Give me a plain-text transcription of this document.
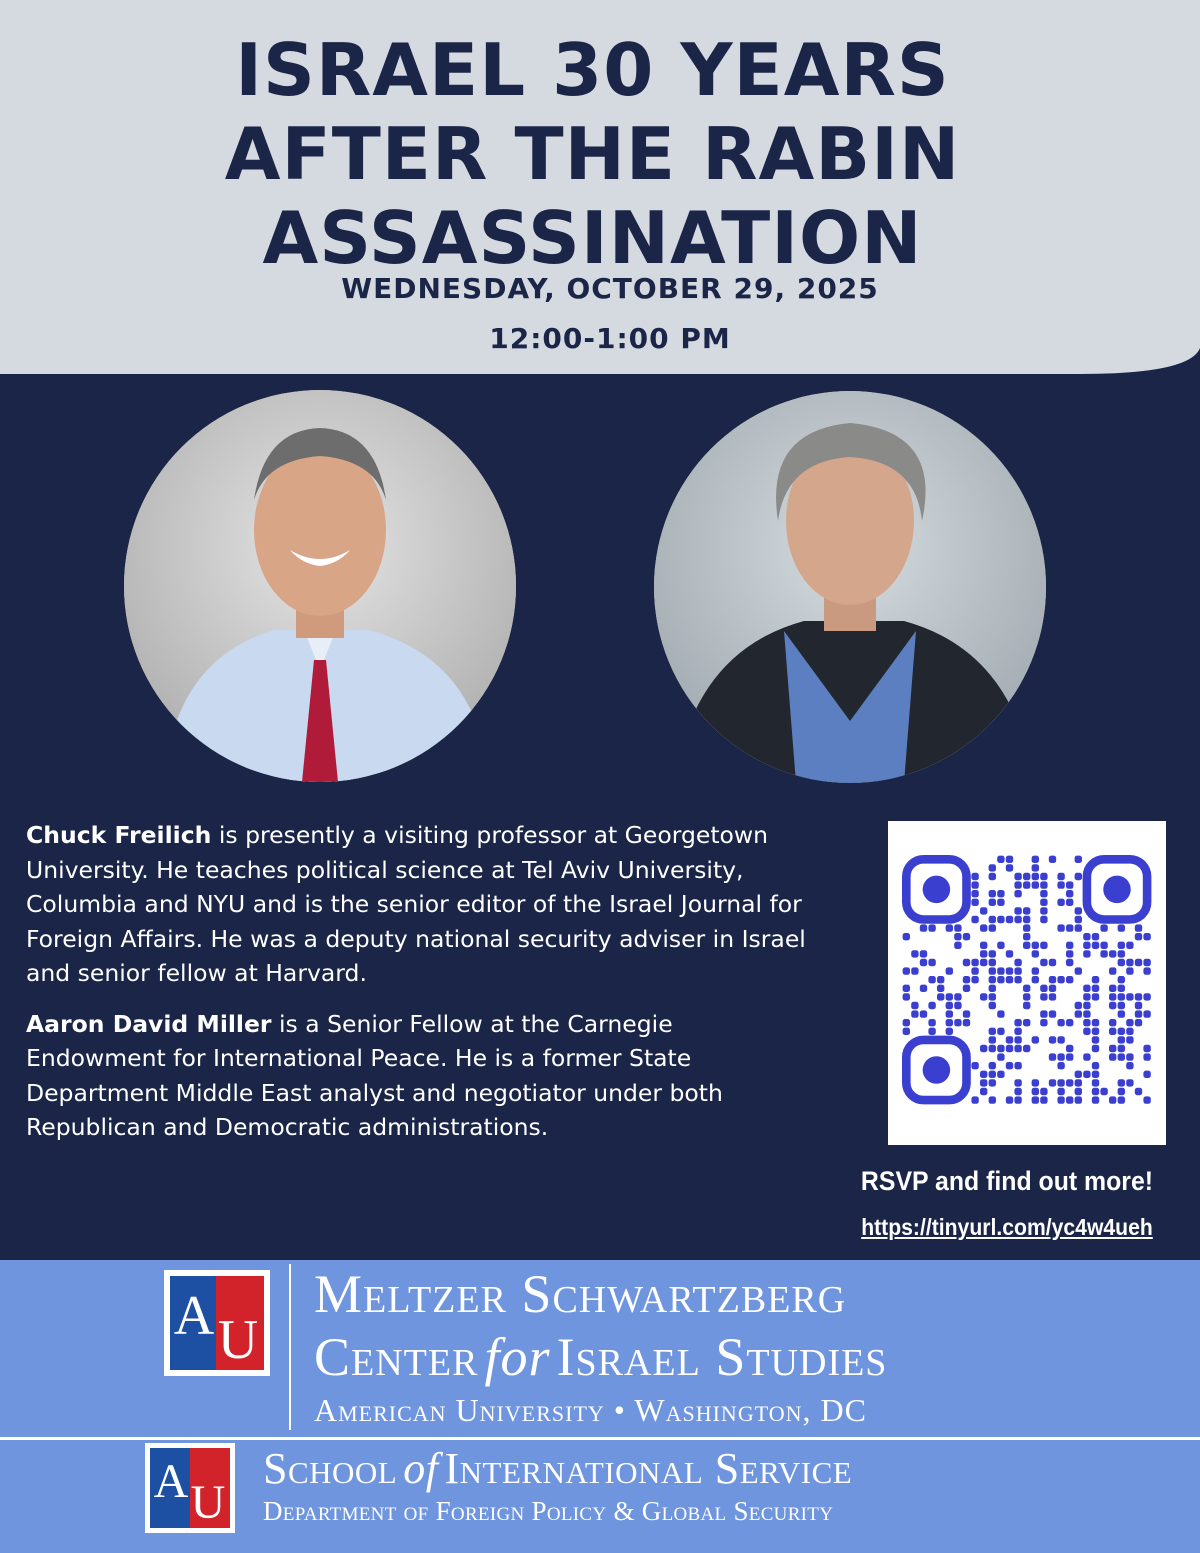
ISRAEL 30 YEARS
AFTER THE RABIN
ASSASSINATION
WEDNESDAY, OCTOBER 29, 2025
12:00-1:00 PM

Chuck Freilich is presently a visiting professor at Georgetown University. He teaches political science at Tel Aviv University, Columbia and NYU and is the senior editor of the Israel Journal for Foreign Affairs. He was a deputy national security adviser in Israel and senior fellow at Harvard.

Aaron David Miller is a Senior Fellow at the Carnegie Endowment for International Peace. He is a former State Department Middle East analyst and negotiator under both Republican and Democratic administrations.

RSVP and find out more!
https://tinyurl.com/yc4w4ueh
A U
A U
Meltzer Schwartzberg
Center for Israel Studies
American University • Washington, DC
School of International Service
Department of Foreign Policy & Global Security
